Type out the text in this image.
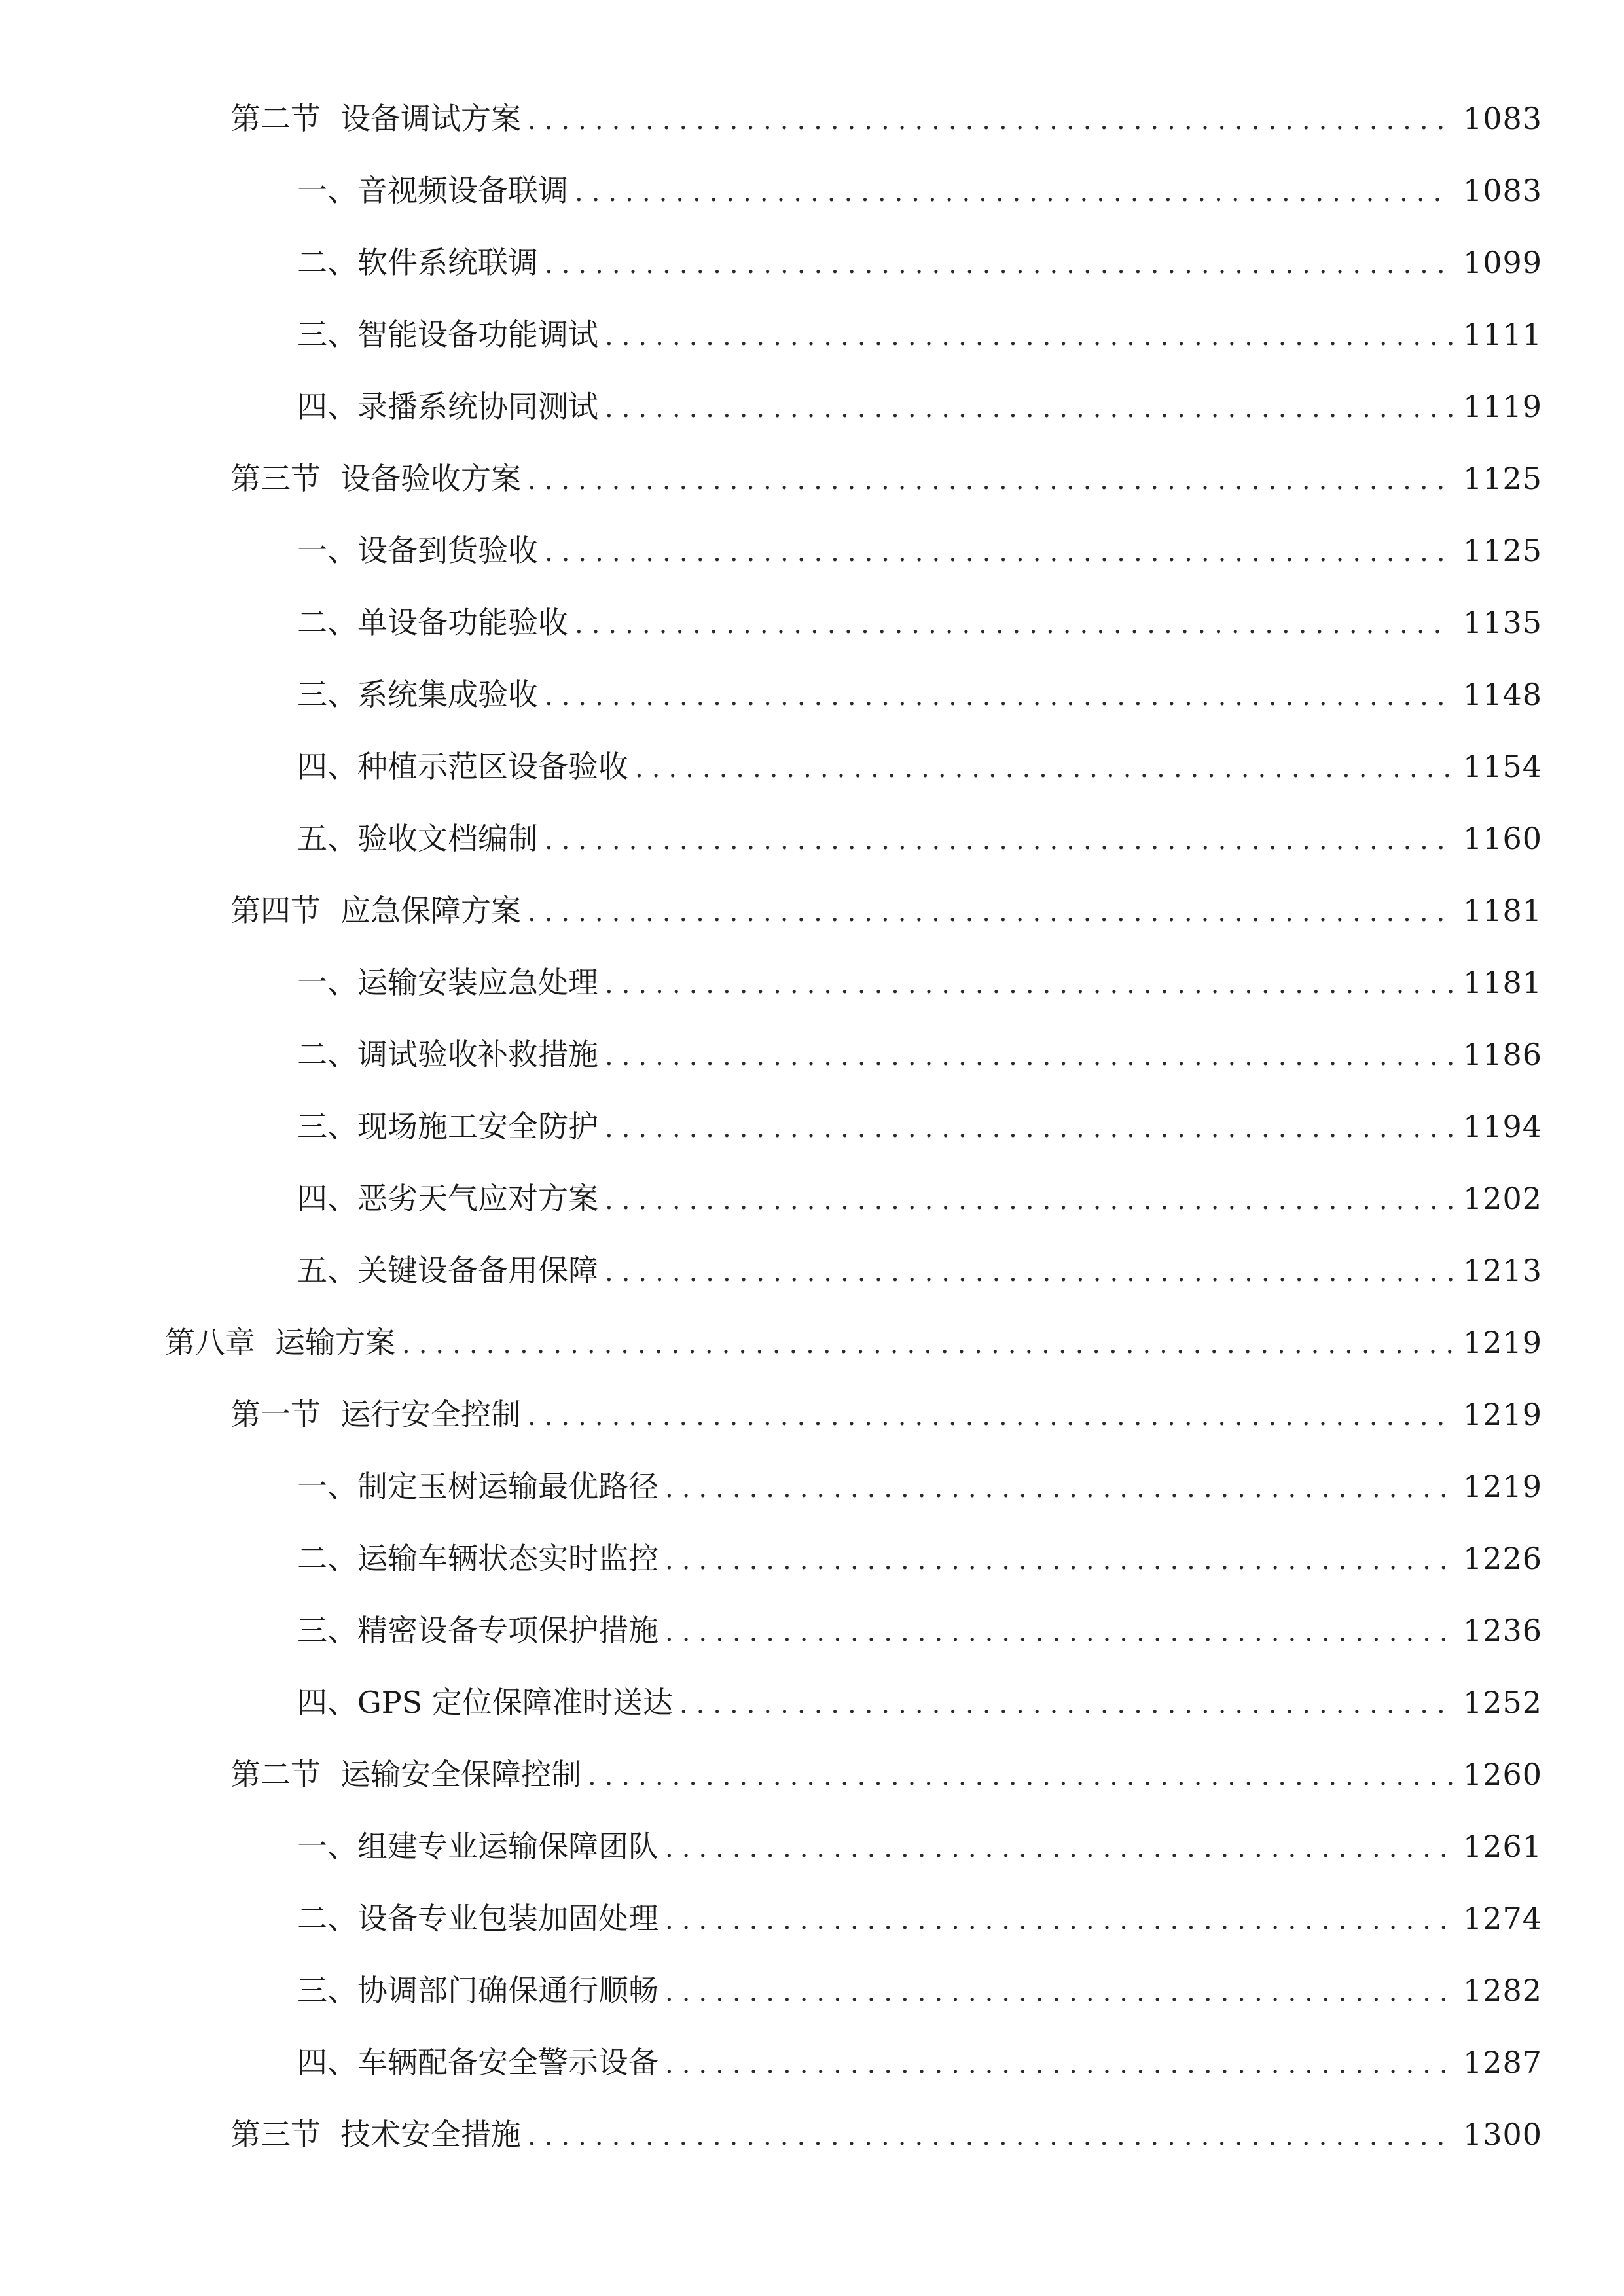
第二节 设备调试方案 .....	1083
一、 音视频设备联调 .....	1083
二、 软件系统联调 .....	1099
三、 智能设备功能调试 .....	1111
四、 录播系统协同测试 .....	1119
第三节 设备验收方案 .....	1125
一、 设备到货验收 .....	1125
二、 单设备功能验收 .....	1135
三、 系统集成验收 .....	1148
四、 种植示范区设备验收 .....	1154
五、 验收文档编制 .....	1160
第四节 应急保障方案 .....	1181
一、 运输安装应急处理 .....	1181
二、 调试验收补救措施 .....	1186
三、 现场施工安全防护 .....	1194
四、 恶劣天气应对方案 .....	1202
五、 关键设备备用保障 .....	1213
第八章 运输方案 .....	1219
第一节 运行安全控制 .....	1219
一、 制定玉树运输最优路径 .....	1219
二、 运输车辆状态实时监控 .....	1226
三、 精密设备专项保护措施 .....	1236
四、 GPS 定位保障准时送达 .....	1252
第二节 运输安全保障控制 .....	1260
一、 组建专业运输保障团队 .....	1261
二、 设备专业包装加固处理 .....	1274
三、 协调部门确保通行顺畅 .....	1282
四、 车辆配备安全警示设备 .....	1287
第三节 技术安全措施 .....	1300
